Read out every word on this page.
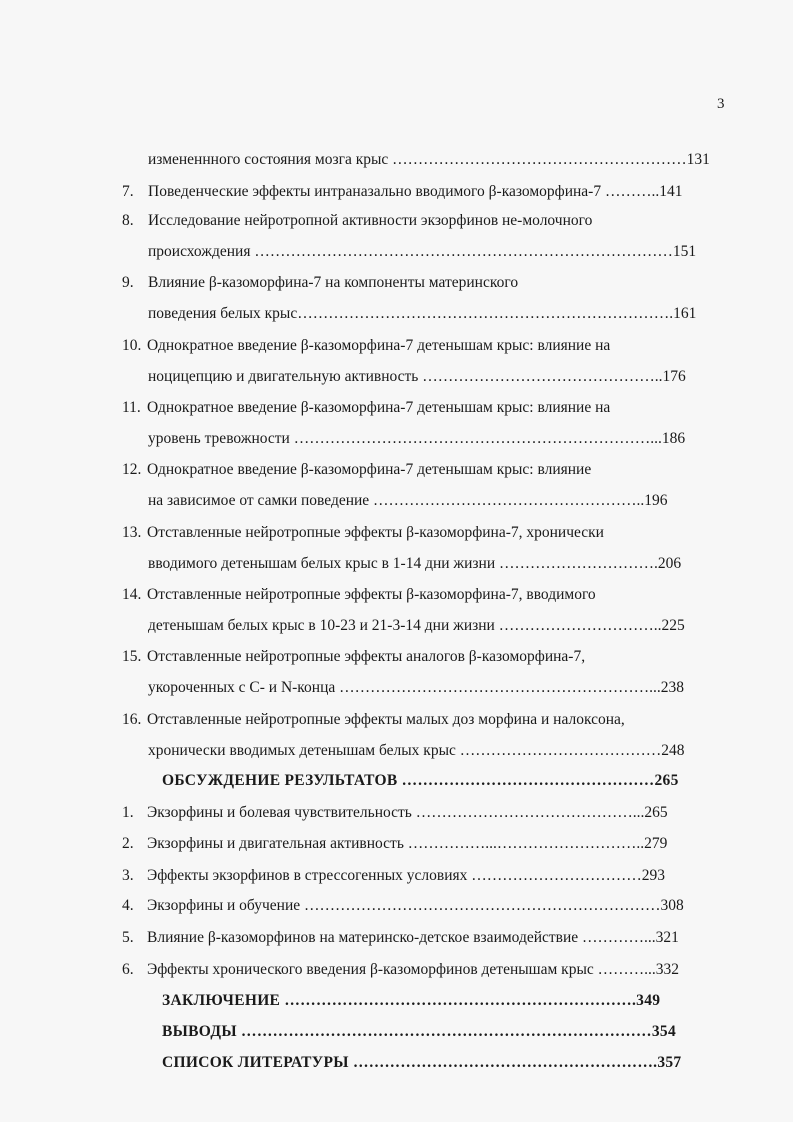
3
измененнного состояния мозга крыс …………………………………………………131
7. Поведенческие эффекты интраназально вводимого β-казоморфина-7 ………..141
8. Исследование нейротропной активности экзорфинов не-молочного
происхождения ………………………………………………………………………151
9. Влияние β-казоморфина-7 на компоненты материнского
поведения белых крыс……………………………………………………………….161
10. Однократное введение β-казоморфина-7 детенышам крыс: влияние на
ноцицепцию и двигательную активность ………………………………………..176
11. Однократное введение β-казоморфина-7 детенышам крыс: влияние на
уровень тревожности ……………………………………………………………...186
12. Однократное введение β-казоморфина-7 детенышам крыс: влияние
на зависимое от самки поведение ……………………………………………..196
13. Отставленные нейротропные эффекты β-казоморфина-7, хронически
вводимого детенышам белых крыс в 1-14 дни жизни ………………………….206
14. Отставленные нейротропные эффекты β-казоморфина-7, вводимого
детенышам белых крыс в 10-23 и 21-3-14 дни жизни …………………………..225
15. Отставленные нейротропные эффекты аналогов β-казоморфина-7,
укороченных с С- и N-конца ……………………………………………………...238
16. Отставленные нейротропные эффекты малых доз морфина и налоксона,
хронически вводимых детенышам белых крыс …………………………………248
ОБСУЖДЕНИЕ РЕЗУЛЬТАТОВ …………………………………………265
1. Экзорфины и болевая чувствительность ……………………………………...265
2. Экзорфины и двигательная активность ……………...………………………..279
3. Эффекты экзорфинов в стрессогенных условиях ……………………………293
4. Экзорфины и обучение ……………………………………………………………308
5. Влияние β-казоморфинов на материнско-детское взаимодействие …………...321
6. Эффекты хронического введения β-казоморфинов детенышам крыс ………...332
ЗАКЛЮЧЕНИЕ ………………………………………………………….349
ВЫВОДЫ ……………………………………………………………………354
СПИСОК ЛИТЕРАТУРЫ ………………………………………………….357
